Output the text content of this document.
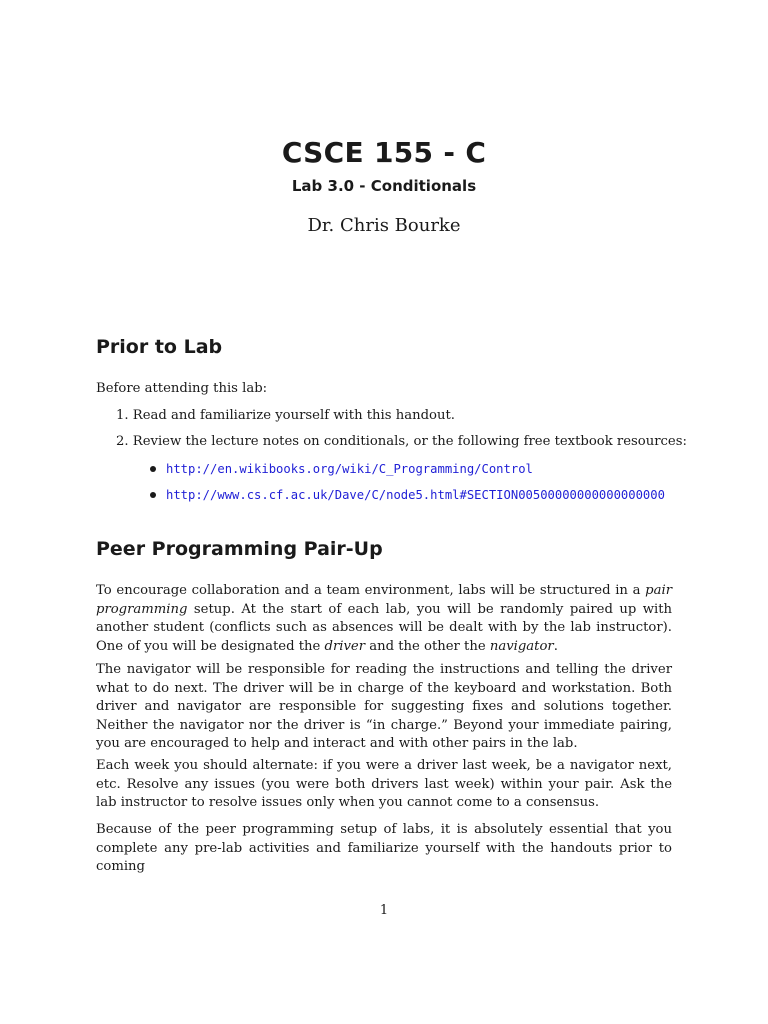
CSCE 155 - C
Lab 3.0 - Conditionals
Dr. Chris Bourke
Prior to Lab

Before attending this lab:

1. Read and familiarize yourself with this handout.

2. Review the lecture notes on conditionals, or the following free textbook resources:

http://en.wikibooks.org/wiki/C_Programming/Control
http://www.cs.cf.ac.uk/Dave/C/node5.html#SECTION00500000000000000000
Peer Programming Pair-Up

To encourage collaboration and a team environment, labs will be structured in a pair programming setup. At the start of each lab, you will be randomly paired up with another student (conflicts such as absences will be dealt with by the lab instructor). One of you will be designated the driver and the other the navigator.

The navigator will be responsible for reading the instructions and telling the driver what to do next. The driver will be in charge of the keyboard and workstation. Both driver and navigator are responsible for suggesting fixes and solutions together. Neither the navigator nor the driver is “in charge.” Beyond your immediate pairing, you are encouraged to help and interact and with other pairs in the lab.

Each week you should alternate: if you were a driver last week, be a navigator next, etc. Resolve any issues (you were both drivers last week) within your pair. Ask the lab instructor to resolve issues only when you cannot come to a consensus.

Because of the peer programming setup of labs, it is absolutely essential that you complete any pre-lab activities and familiarize yourself with the handouts prior to coming

1
